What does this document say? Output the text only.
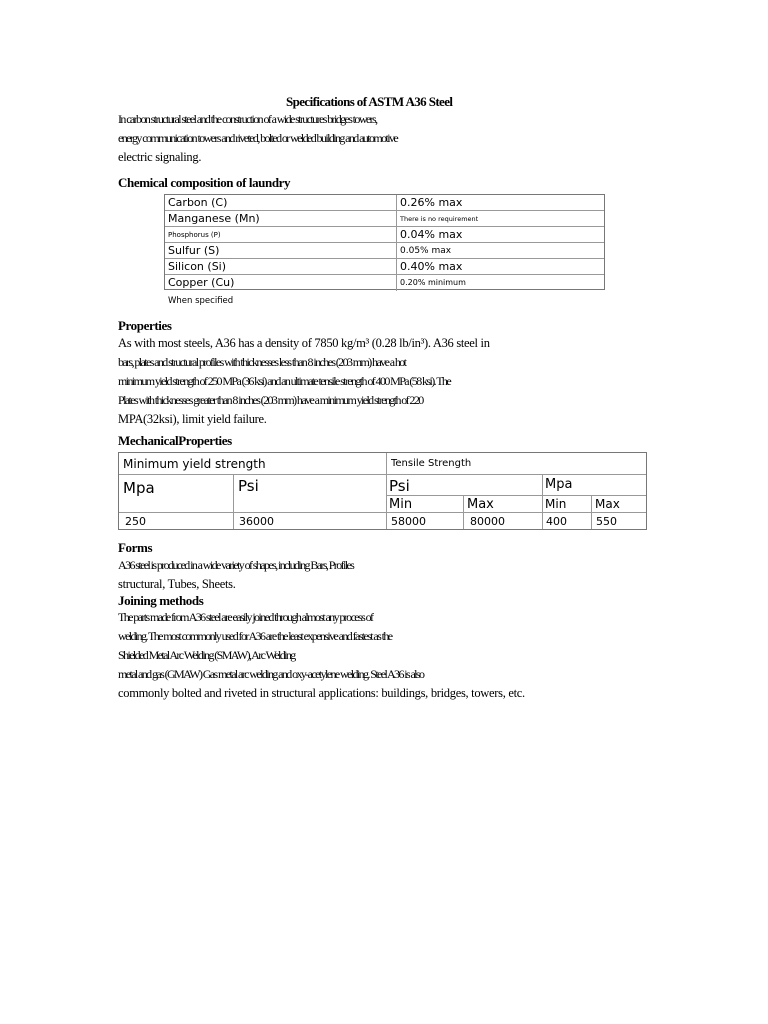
Specifications of ASTM A36 Steel
In carbon structural steel and the construction of a wide structures bridges towers,
energy communication towers and riveted, bolted or welded building and automotive
electric signaling.
Chemical composition of laundry
Carbon (C)	0.26% max
Manganese (Mn)	There is no requirement
Phosphorus (P)	0.04% max
Sulfur (S)	0.05% max
Silicon (Si)	0.40% max
Copper (Cu)	0.20% minimum
When specified
Properties
As with most steels, A36 has a density of 7850 kg/m³ (0.28 lb/in³). A36 steel in
bars, plates and structural profiles with thicknesses less than 8 inches (203 mm) have a hot
minimum yield strength of 250 MPa (36 ksi) and an ultimate tensile strength of 400 MPa (58 ksi). The
Plates with thicknesses greater than 8 inches (203 mm) have a minimum yield strength of 220
MPA(32ksi), limit yield failure.
MechanicalProperties
Minimum yield strength	Tensile Strength
Mpa	Psi	Psi	Mpa
Min	Max	Min Max
250	36000	58000	80000	400	550
Forms
A36 steel is produced in a wide variety of shapes, including Bars, Profiles
structural, Tubes, Sheets.
Joining methods
The parts made from A36 steel are easily joined through almost any process of
welding. The most commonly used for A36 are the least expensive and fastest as the
Shielded Metal Arc Welding (SMAW), Arc Welding
metal and gas (GMAW) Gas metal arc welding and oxy-acetylene welding. Steel A36 is also
commonly bolted and riveted in structural applications: buildings, bridges, towers, etc.
